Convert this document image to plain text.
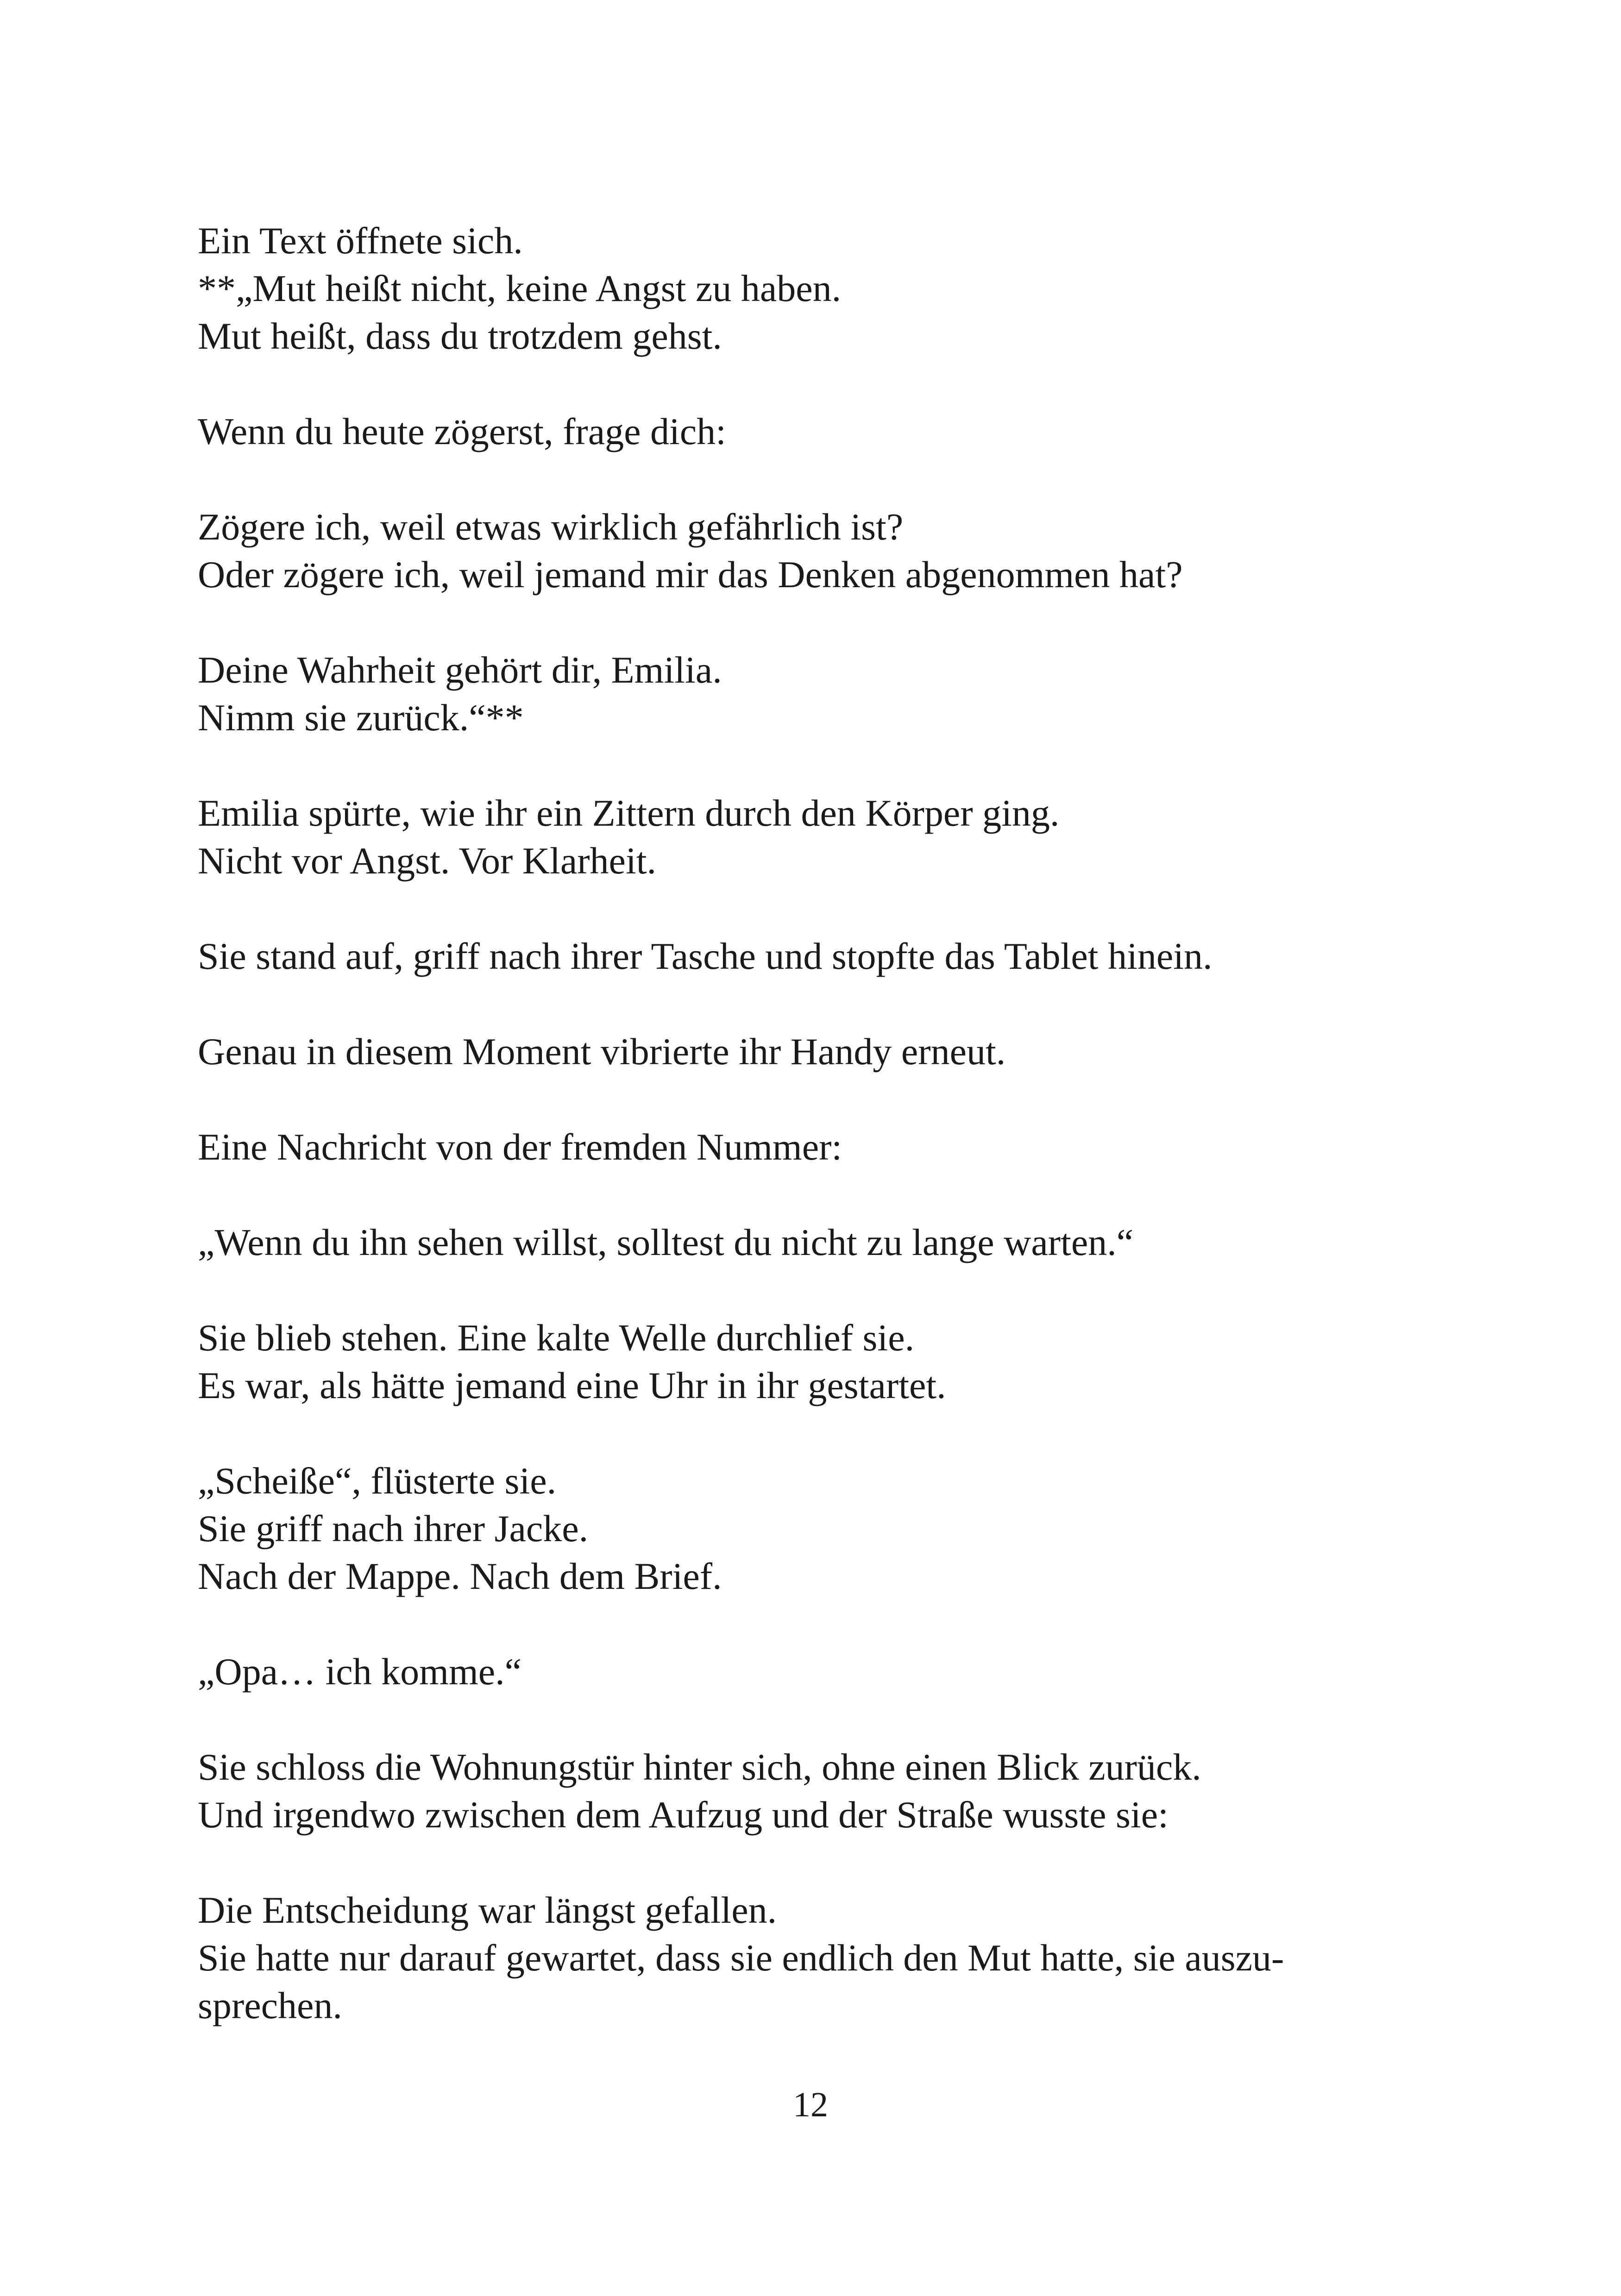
Ein Text öffnete sich.
**„Mut heißt nicht, keine Angst zu haben.
Mut heißt, dass du trotzdem gehst.

Wenn du heute zögerst, frage dich:

Zögere ich, weil etwas wirklich gefährlich ist?
Oder zögere ich, weil jemand mir das Denken abgenommen hat?

Deine Wahrheit gehört dir, Emilia.
Nimm sie zurück.“**

Emilia spürte, wie ihr ein Zittern durch den Körper ging.
Nicht vor Angst. Vor Klarheit.

Sie stand auf, griff nach ihrer Tasche und stopfte das Tablet hinein.

Genau in diesem Moment vibrierte ihr Handy erneut.

Eine Nachricht von der fremden Nummer:

„Wenn du ihn sehen willst, solltest du nicht zu lange warten.“

Sie blieb stehen. Eine kalte Welle durchlief sie.
Es war, als hätte jemand eine Uhr in ihr gestartet.

„Scheiße“, flüsterte sie.
Sie griff nach ihrer Jacke.
Nach der Mappe. Nach dem Brief.

„Opa… ich komme.“

Sie schloss die Wohnungstür hinter sich, ohne einen Blick zurück.
Und irgendwo zwischen dem Aufzug und der Straße wusste sie:

Die Entscheidung war längst gefallen.
Sie hatte nur darauf gewartet, dass sie endlich den Mut hatte, sie auszu-
sprechen.

12
